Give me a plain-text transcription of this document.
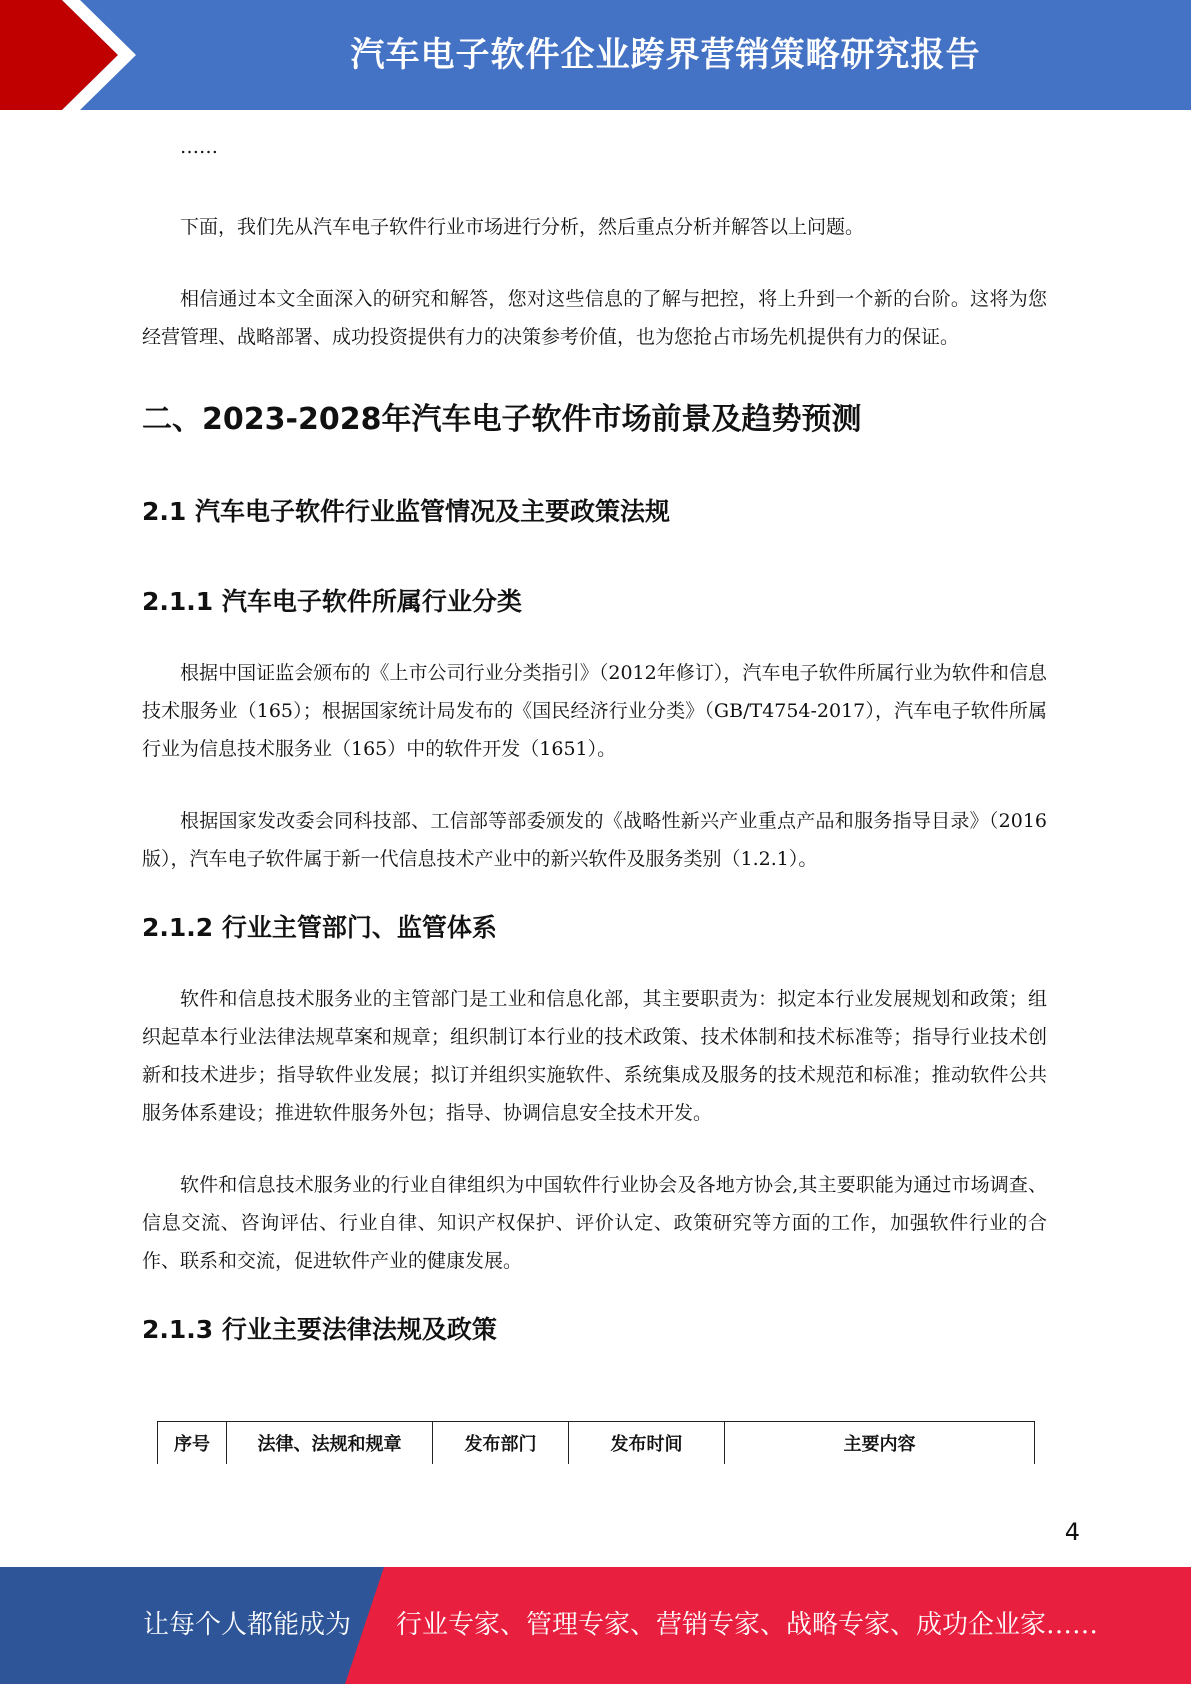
汽车电子软件企业跨界营销策略研究报告

……

下面，我们先从汽车电子软件行业市场进行分析，然后重点分析并解答以上问题。

相信通过本文全面深入的研究和解答，您对这些信息的了解与把控，将上升到一个新的台阶。这将为您经营管理、战略部署、成功投资提供有力的决策参考价值，也为您抢占市场先机提供有力的保证。

二、2023-2028年汽车电子软件市场前景及趋势预测
2.1 汽车电子软件行业监管情况及主要政策法规
2.1.1 汽车电子软件所属行业分类

根据中国证监会颁布的《上市公司行业分类指引》（2012年修订），汽车电子软件所属行业为软件和信息技术服务业（165）；根据国家统计局发布的《国民经济行业分类》（GB/T4754-2017），汽车电子软件所属行业为信息技术服务业（165）中的软件开发（1651）。

根据国家发改委会同科技部、工信部等部委颁发的《战略性新兴产业重点产品和服务指导目录》（2016版），汽车电子软件属于新一代信息技术产业中的新兴软件及服务类别（1.2.1）。

2.1.2 行业主管部门、监管体系

软件和信息技术服务业的主管部门是工业和信息化部，其主要职责为：拟定本行业发展规划和政策；组织起草本行业法律法规草案和规章；组织制订本行业的技术政策、技术体制和技术标准等；指导行业技术创新和技术进步；指导软件业发展；拟订并组织实施软件、系统集成及服务的技术规范和标准；推动软件公共服务体系建设；推进软件服务外包；指导、协调信息安全技术开发。

软件和信息技术服务业的行业自律组织为中国软件行业协会及各地方协会,其主要职能为通过市场调查、信息交流、咨询评估、行业自律、知识产权保护、评价认定、政策研究等方面的工作，加强软件行业的合作、联系和交流，促进软件产业的健康发展。

2.1.3 行业主要法律法规及政策
序号	法律、法规和规章	发布部门	发布时间	主要内容
4
让每个人都能成为 行业专家、管理专家、营销专家、战略专家、成功企业家……
